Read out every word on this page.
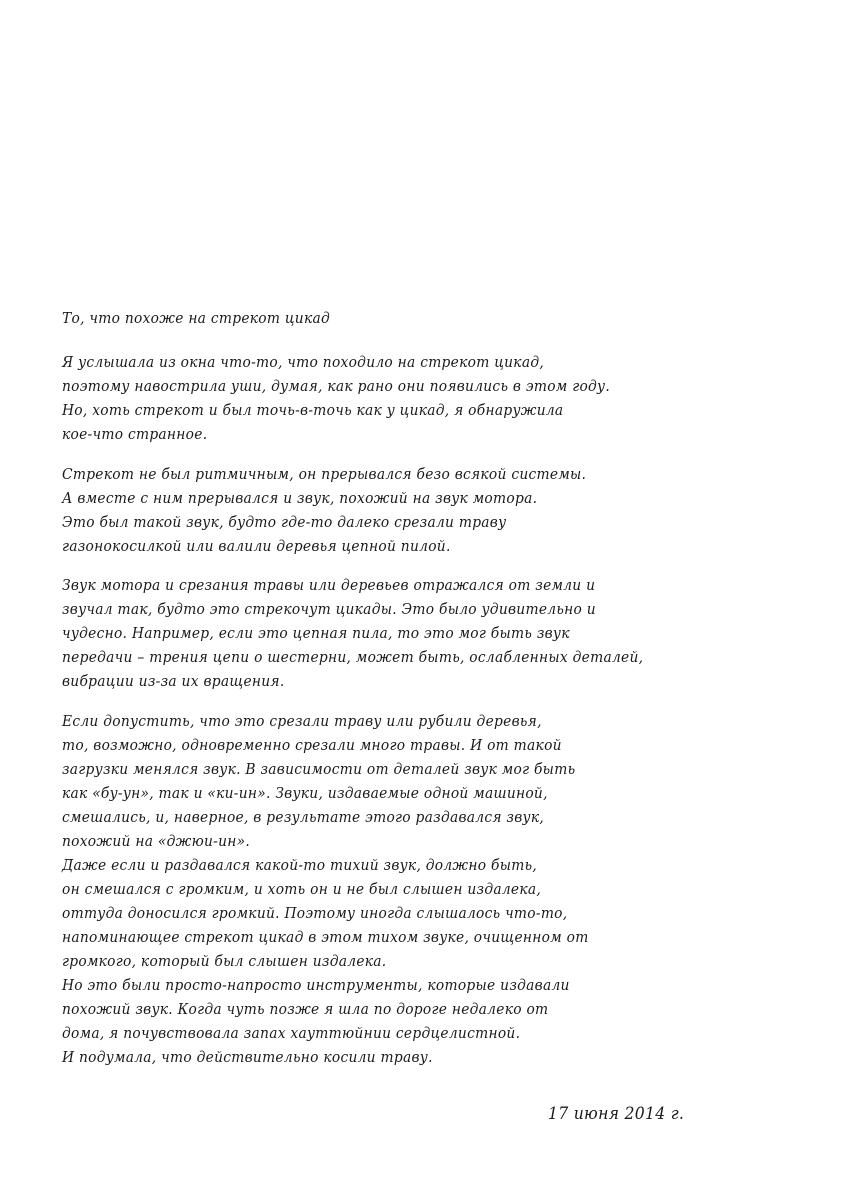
То, что похоже на стрекот цикад
Я услышала из окна что-то, что походило на стрекот цикад,
поэтому навострила уши, думая, как рано они появились в этом году.
Но, хоть стрекот и был точь-в-точь как у цикад, я обнаружила
кое-что странное.
Стрекот не был ритмичным, он прерывался безо всякой системы.
А вместе с ним прерывался и звук, похожий на звук мотора.
Это был такой звук, будто где-то далеко срезали траву
газонокосилкой или валили деревья цепной пилой.
Звук мотора и срезания травы или деревьев отражался от земли и
звучал так, будто это стрекочут цикады. Это было удивительно и
чудесно. Например, если это цепная пила, то это мог быть звук
передачи – трения цепи о шестерни, может быть, ослабленных деталей,
вибрации из-за их вращения.
Если допустить, что это срезали траву или рубили деревья,
то, возможно, одновременно срезали много травы. И от такой
загрузки менялся звук. В зависимости от деталей звук мог быть
как «бу-ун», так и «ки-ин». Звуки, издаваемые одной машиной,
смешались, и, наверное, в результате этого раздавался звук,
похожий на «джюи-ин».
Даже если и раздавался какой-то тихий звук, должно быть,
он смешался с громким, и хоть он и не был слышен издалека,
оттуда доносился громкий. Поэтому иногда слышалось что-то,
напоминающее стрекот цикад в этом тихом звуке, очищенном от
громкого, который был слышен издалека.
Но это были просто-напросто инструменты, которые издавали
похожий звук. Когда чуть позже я шла по дороге недалеко от
дома, я почувствовала запах хауттюйнии сердцелистной.
И подумала, что действительно косили траву.
17 июня 2014 г.
